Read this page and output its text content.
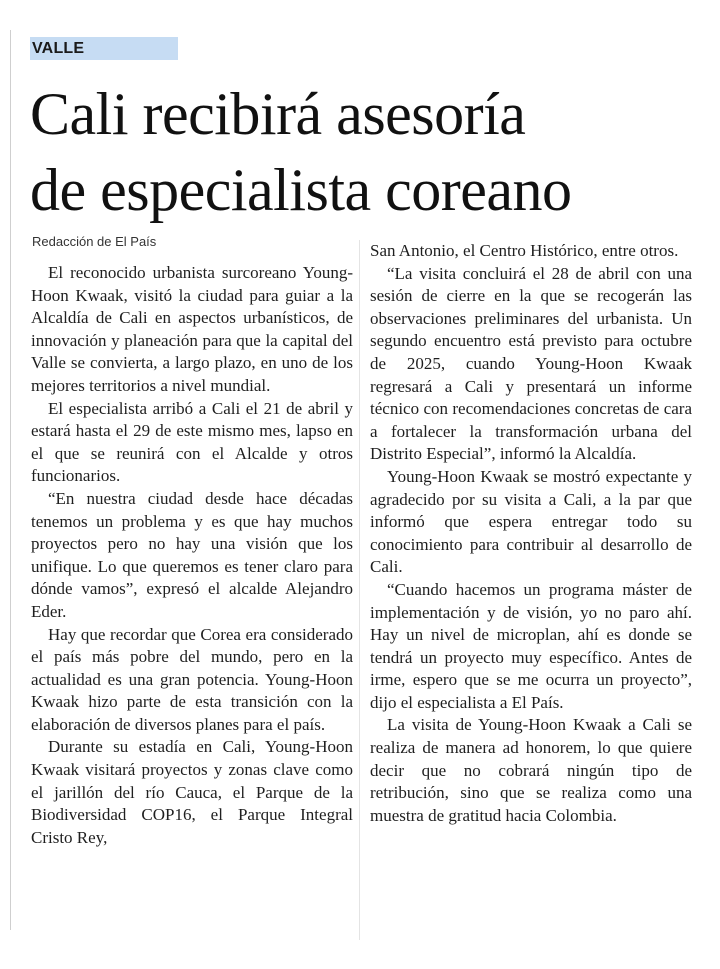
VALLE
Cali recibirá asesoría
de especialista coreano
Redacción de El País

El reconocido urbanista surcoreano Young-Hoon Kwaak, visitó la ciudad para guiar a la Alcaldía de Cali en aspectos urbanísticos, de innovación y planeación para que la capital del Valle se convierta, a largo plazo, en uno de los mejores territorios a nivel mundial.

El especialista arribó a Cali el 21 de abril y estará hasta el 29 de este mismo mes, lapso en el que se reunirá con el Alcalde y otros funcionarios.

“En nuestra ciudad desde hace décadas tenemos un problema y es que hay muchos proyectos pero no hay una visión que los unifique. Lo que queremos es tener claro para dónde vamos”, expresó el alcalde Alejandro Eder.

Hay que recordar que Corea era considerado el país más pobre del mundo, pero en la actualidad es una gran potencia. Young-Hoon Kwaak hizo parte de esta transición con la elaboración de diversos planes para el país.

Durante su estadía en Cali, Young-Hoon Kwaak visitará proyectos y zonas clave como el jarillón del río Cauca, el Parque de la Biodiversidad COP16, el Parque Integral Cristo Rey,

San Antonio, el Centro Histórico, entre otros.

“La visita concluirá el 28 de abril con una sesión de cierre en la que se recogerán las observaciones preliminares del urbanista. Un segundo encuentro está previsto para octubre de 2025, cuando Young-Hoon Kwaak regresará a Cali y presentará un informe técnico con recomendaciones concretas de cara a fortalecer la transformación urbana del Distrito Especial”, informó la Alcaldía.

Young-Hoon Kwaak se mostró expectante y agradecido por su visita a Cali, a la par que informó que espera entregar todo su conocimiento para contribuir al desarrollo de Cali.

“Cuando hacemos un programa máster de implementación y de visión, yo no paro ahí. Hay un nivel de microplan, ahí es donde se tendrá un proyecto muy específico. Antes de irme, espero que se me ocurra un proyecto”, dijo el especialista a El País.

La visita de Young-Hoon Kwaak a Cali se realiza de manera ad honorem, lo que quiere decir que no cobrará ningún tipo de retribución, sino que se realiza como una muestra de gratitud hacia Colombia.
